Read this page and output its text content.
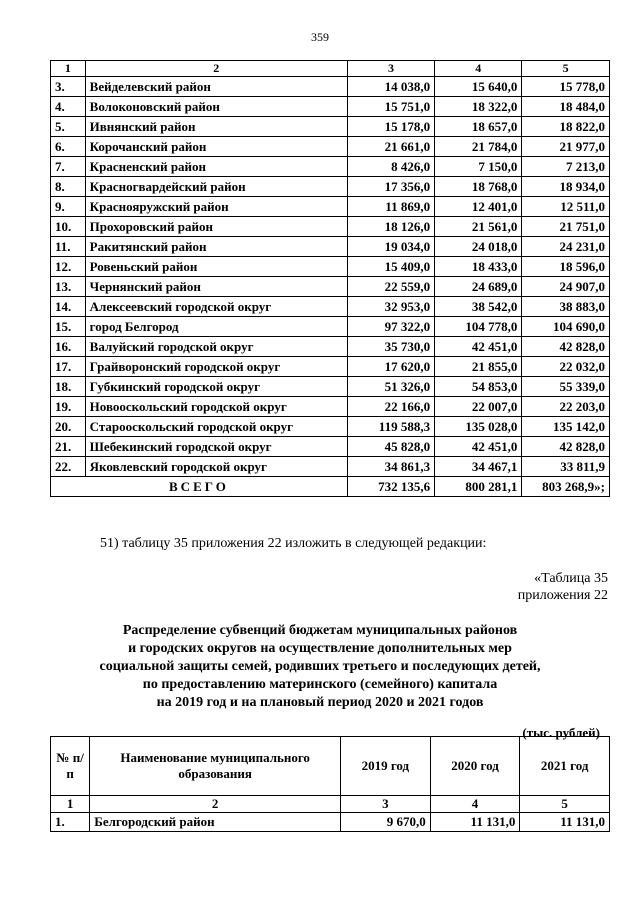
359
1	2	3	4	5
3.	Вейделевский район	14 038,0	15 640,0	15 778,0
4.	Волоконовский район	15 751,0	18 322,0	18 484,0
5.	Ивнянский район	15 178,0	18 657,0	18 822,0
6.	Корочанский район	21 661,0	21 784,0	21 977,0
7.	Красненский район	8 426,0	7 150,0	7 213,0
8.	Красногвардейский район	17 356,0	18 768,0	18 934,0
9.	Краснояружский район	11 869,0	12 401,0	12 511,0
10.	Прохоровский район	18 126,0	21 561,0	21 751,0
11.	Ракитянский район	19 034,0	24 018,0	24 231,0
12.	Ровеньский район	15 409,0	18 433,0	18 596,0
13.	Чернянский район	22 559,0	24 689,0	24 907,0
14.	Алексеевский городской округ	32 953,0	38 542,0	38 883,0
15.	город Белгород	97 322,0	104 778,0	104 690,0
16.	Валуйский городской округ	35 730,0	42 451,0	42 828,0
17.	Грайворонский городской округ	17 620,0	21 855,0	22 032,0
18.	Губкинский городской округ	51 326,0	54 853,0	55 339,0
19.	Новооскольский городской округ	22 166,0	22 007,0	22 203,0
20.	Старооскольский городской округ	119 588,3	135 028,0	135 142,0
21.	Шебекинский городской округ	45 828,0	42 451,0	42 828,0
22.	Яковлевский городской округ	34 861,3	34 467,1	33 811,9
ВСЕГО		732 135,6	800 281,1	803 268,9»;
51) таблицу 35 приложения 22 изложить в следующей редакции:
«Таблица 35
приложения 22
Распределение субвенций бюджетам муниципальных районов
и городских округов на осуществление дополнительных мер
социальной защиты семей, родивших третьего и последующих детей,
по предоставлению материнского (семейного) капитала
на 2019 год и на плановый период 2020 и 2021 годов
(тыс. рублей)
№ п/п	Наименование муниципального образования	2019 год	2020 год	2021 год
1	2	3	4	5
1.	Белгородский район	9 670,0	11 131,0	11 131,0
